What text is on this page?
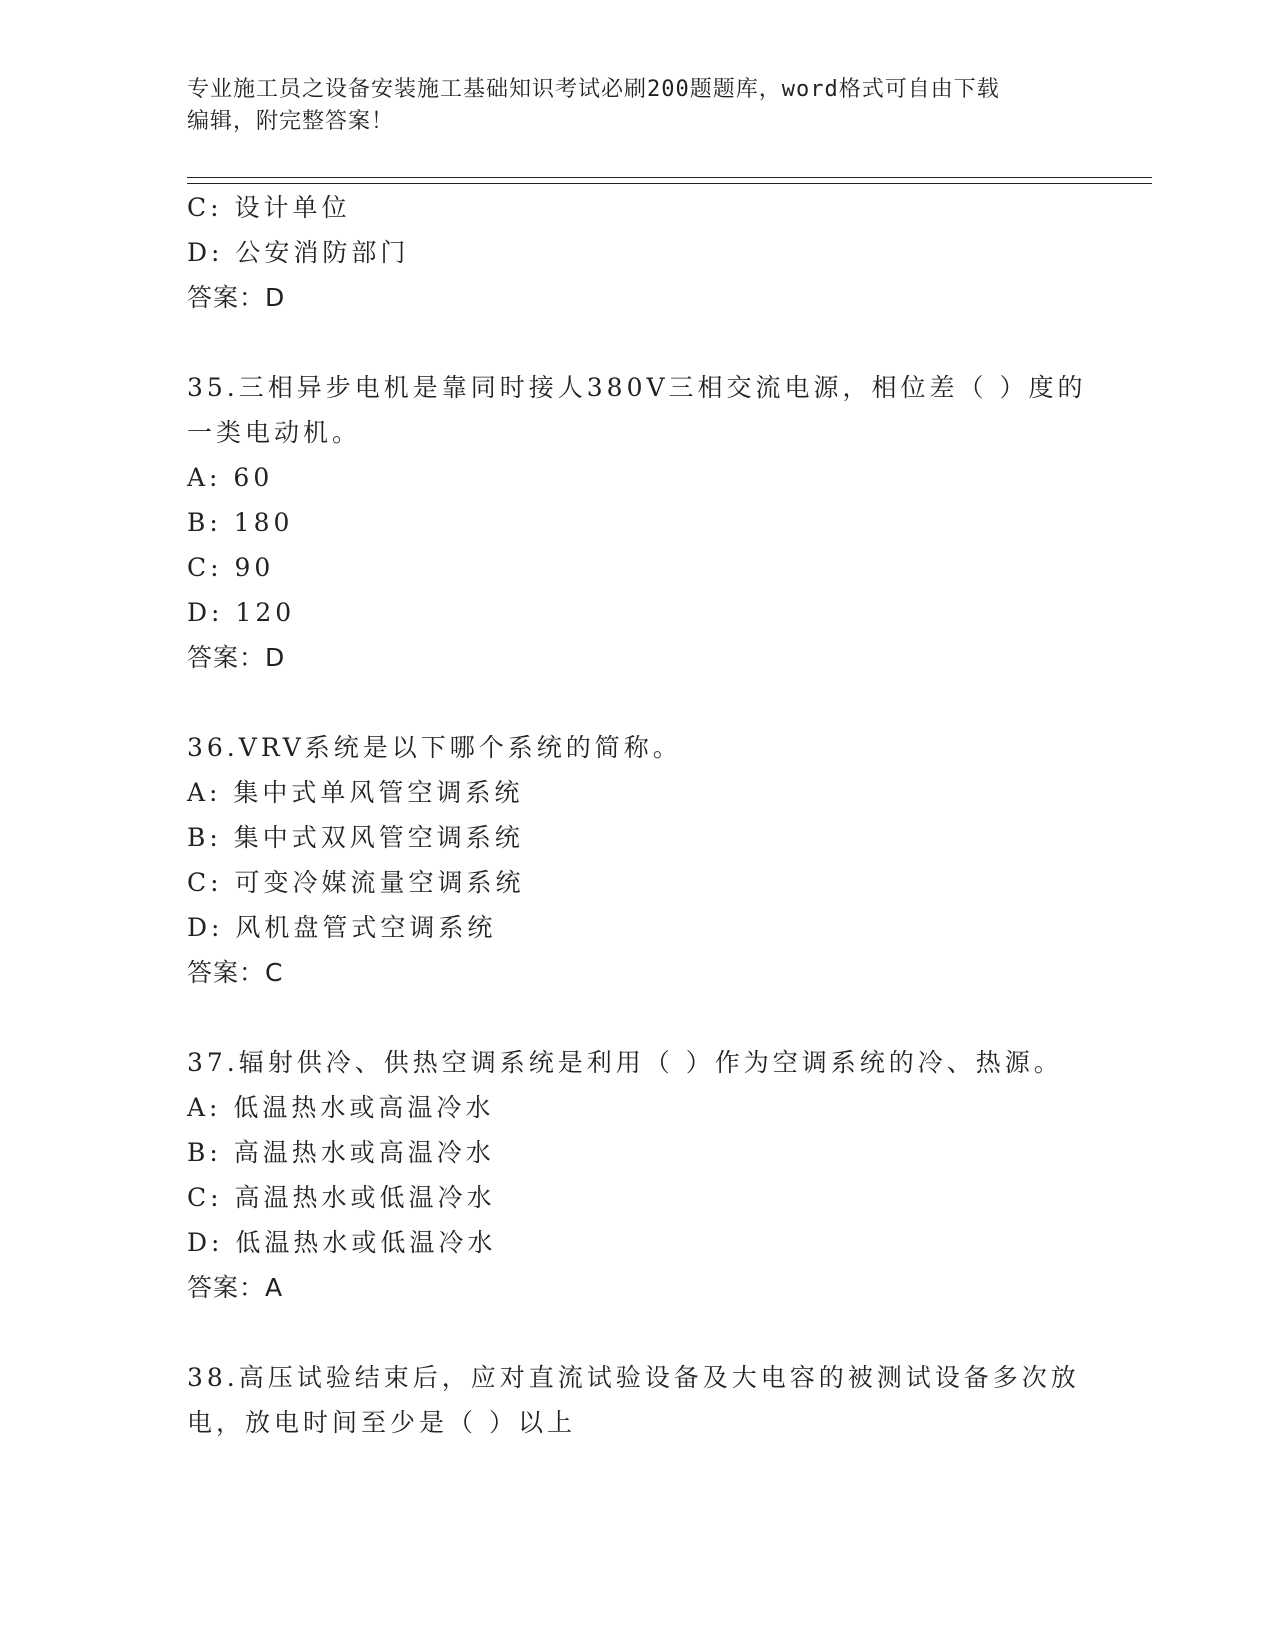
专业施工员之设备安装施工基础知识考试必刷200题题库，word格式可自由下载
编辑，附完整答案！
C: 设计单位
D: 公安消防部门
答案：D
35.三相异步电机是靠同时接人380V三相交流电源，相位差（ ）度的
一类电动机。
A: 60
B: 180
C: 90
D: 120
答案：D
36.VRV系统是以下哪个系统的简称。
A: 集中式单风管空调系统
B: 集中式双风管空调系统
C: 可变冷媒流量空调系统
D: 风机盘管式空调系统
答案：C
37.辐射供冷、供热空调系统是利用（ ）作为空调系统的冷、热源。
A: 低温热水或高温冷水
B: 高温热水或高温冷水
C: 高温热水或低温冷水
D: 低温热水或低温冷水
答案：A
38.高压试验结束后，应对直流试验设备及大电容的被测试设备多次放
电，放电时间至少是（ ）以上
